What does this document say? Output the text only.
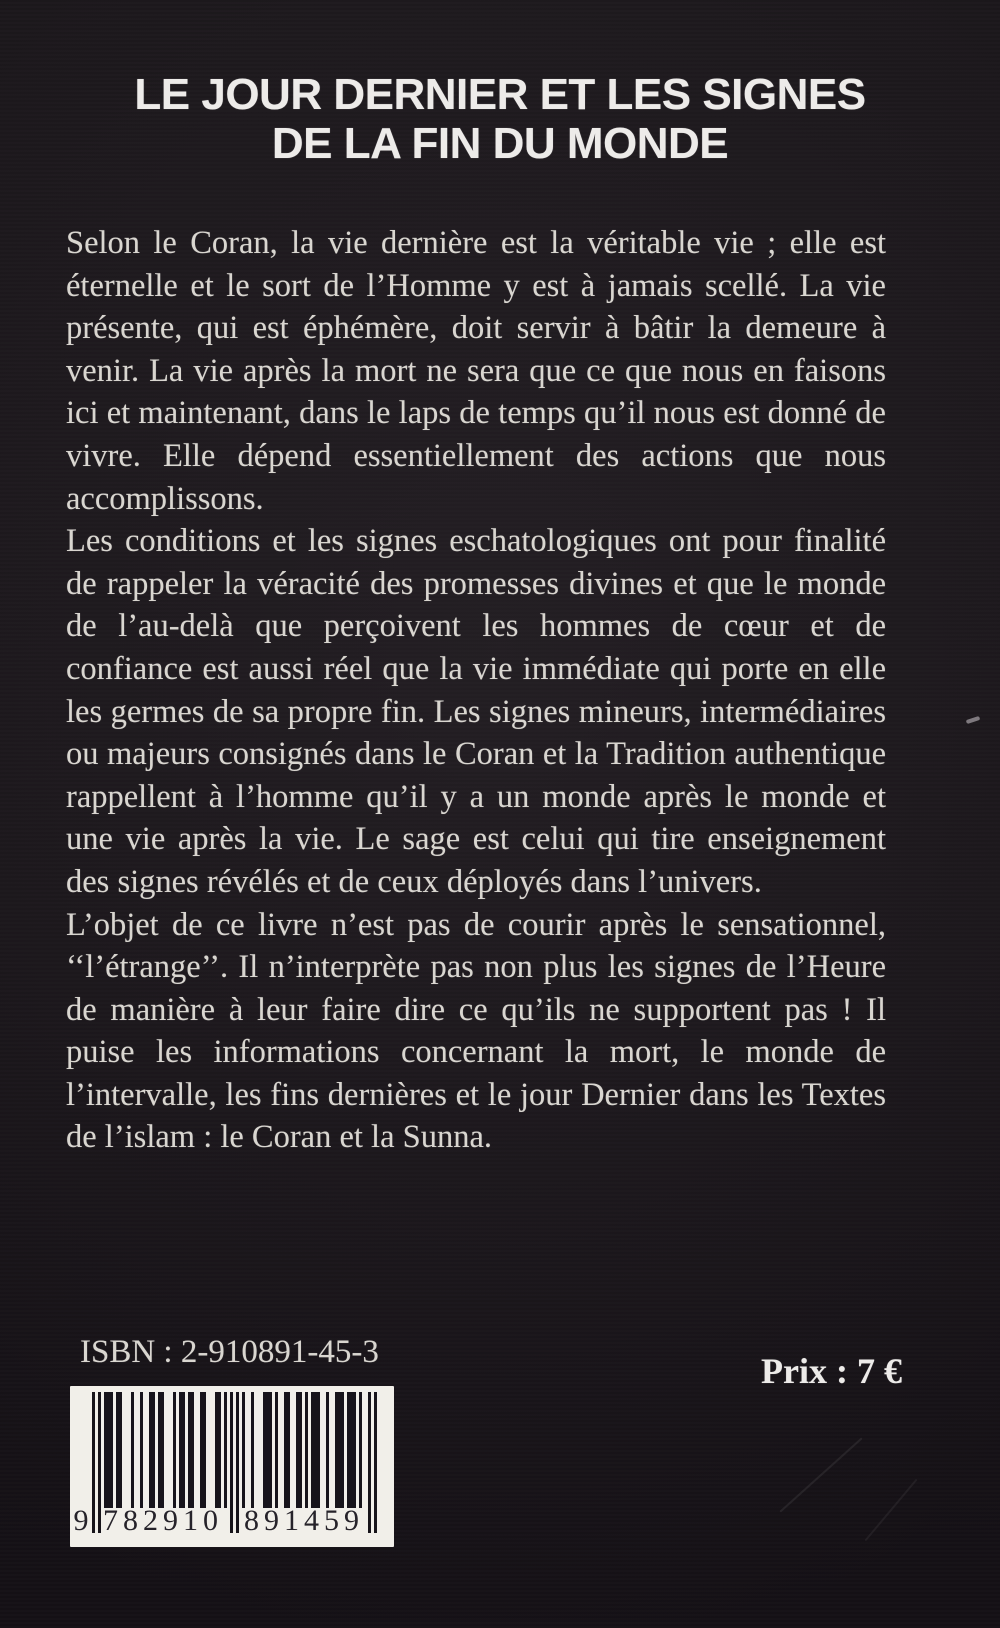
LE JOUR DERNIER ET LES SIGNES
DE LA FIN DU MONDE

Selon le Coran, la vie dernière est la véritable vie ; elle est éternelle et le sort de l’Homme y est à jamais scellé. La vie présente, qui est éphémère, doit servir à bâtir la demeure à venir. La vie après la mort ne sera que ce que nous en faisons ici et maintenant, dans le laps de temps qu’il nous est donné de vivre. Elle dépend essentiellement des actions que nous accomplissons.

Les conditions et les signes eschatologiques ont pour finalité de rappeler la véracité des promesses divines et que le monde de l’au-delà que perçoivent les hommes de cœur et de confiance est aussi réel que la vie immédiate qui porte en elle les germes de sa propre fin. Les signes mineurs, intermédiaires ou majeurs consignés dans le Coran et la Tradition authentique rappellent à l’homme qu’il y a un monde après le monde et une vie après la vie. Le sage est celui qui tire enseignement des signes révélés et de ceux déployés dans l’univers.

L’objet de ce livre n’est pas de courir après le sensationnel, ‘‘l’étrange’’. Il n’interprète pas non plus les signes de l’Heure de manière à leur faire dire ce qu’ils ne supportent pas ! Il puise les informations concernant la mort, le monde de l’intervalle, les fins dernières et le jour Dernier dans les Textes de l’islam : le Coran et la Sunna.

ISBN : 2-910891-45-3	Prix : 7 €
9 782910 891459
